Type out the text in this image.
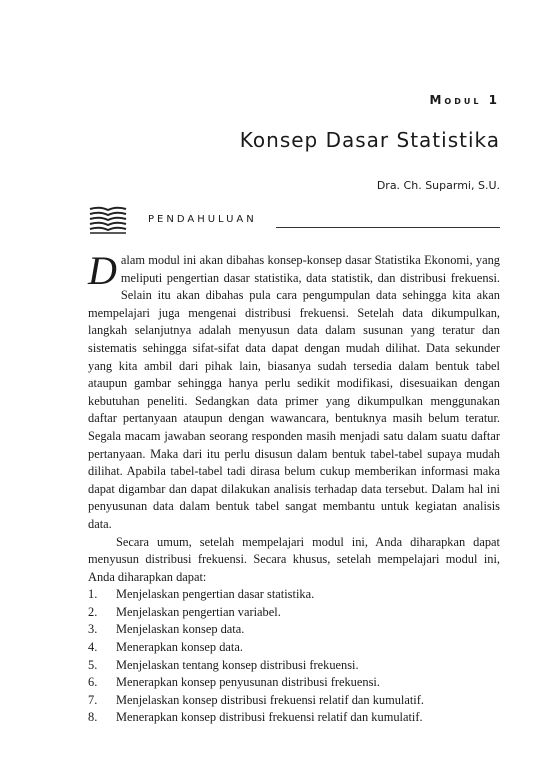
Modul 1
Konsep Dasar Statistika
Dra. Ch. Suparmi, S.U.
PENDAHULUAN

Dalam modul ini akan dibahas konsep-konsep dasar Statistika Ekonomi, yang meliputi pengertian dasar statistika, data statistik, dan distribusi frekuensi. Selain itu akan dibahas pula cara pengumpulan data sehingga kita akan mempelajari juga mengenai distribusi frekuensi. Setelah data dikumpulkan, langkah selanjutnya adalah menyusun data dalam susunan yang teratur dan sistematis sehingga sifat-sifat data dapat dengan mudah dilihat. Data sekunder yang kita ambil dari pihak lain, biasanya sudah tersedia dalam bentuk tabel ataupun gambar sehingga hanya perlu sedikit modifikasi, disesuaikan dengan kebutuhan peneliti. Sedangkan data primer yang dikumpulkan menggunakan daftar pertanyaan ataupun dengan wawancara, bentuknya masih belum teratur. Segala macam jawaban seorang responden masih menjadi satu dalam suatu daftar pertanyaan. Maka dari itu perlu disusun dalam bentuk tabel-tabel supaya mudah dilihat. Apabila tabel-tabel tadi dirasa belum cukup memberikan informasi maka dapat digambar dan dapat dilakukan analisis terhadap data tersebut. Dalam hal ini penyusunan data dalam bentuk tabel sangat membantu untuk kegiatan analisis data.

Secara umum, setelah mempelajari modul ini, Anda diharapkan dapat menyusun distribusi frekuensi. Secara khusus, setelah mempelajari modul ini, Anda diharapkan dapat:

1.	Menjelaskan pengertian dasar statistika.
2.	Menjelaskan pengertian variabel.
3.	Menjelaskan konsep data.
4.	Menerapkan konsep data.
5.	Menjelaskan tentang konsep distribusi frekuensi.
6.	Menerapkan konsep penyusunan distribusi frekuensi.
7.	Menjelaskan konsep distribusi frekuensi relatif dan kumulatif.
8.	Menerapkan konsep distribusi frekuensi relatif dan kumulatif.
